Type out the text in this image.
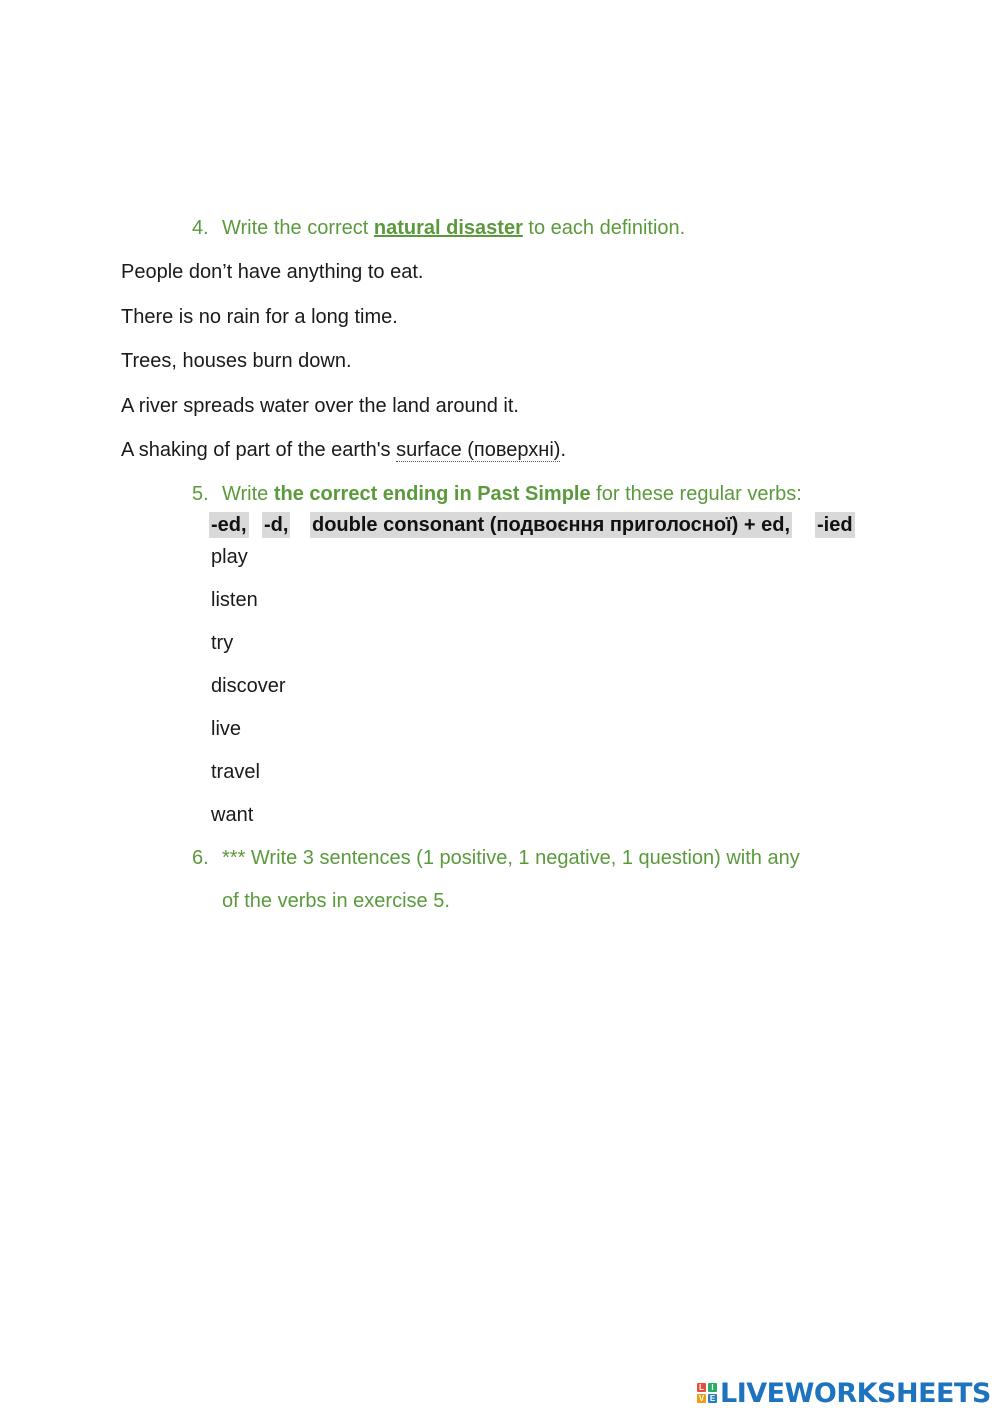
4. Write the correct natural disaster to each definition.
People don’t have anything to eat.
There is no rain for a long time.
Trees, houses burn down.
A river spreads water over the land around it.
A shaking of part of the earth's surface (поверхні).
5. Write the correct ending in Past Simple for these regular verbs:
-ed, -d, double consonant (подвоєння приголосної) + ed, -ied
play
listen
try
discover
live
travel
want
6. *** Write 3 sentences (1 positive, 1 negative, 1 question) with any
of the verbs in exercise 5.
L I
V E LIVEWORKSHEETS
